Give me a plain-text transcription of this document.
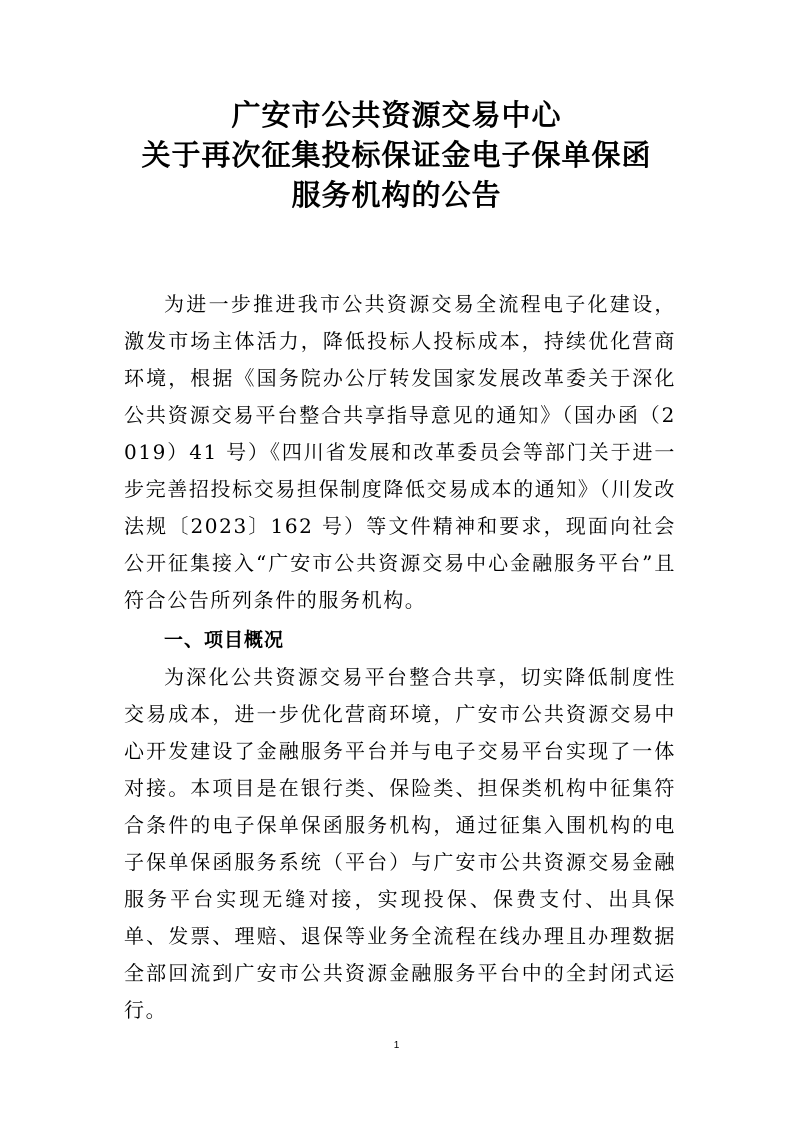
广安市公共资源交易中心
关于再次征集投标保证金电子保单保函
服务机构的公告

为进一步推进我市公共资源交易全流程电子化建设，激发市场主体活力，降低投标人投标成本，持续优化营商环境，根据《国务院办公厅转发国家发展改革委关于深化公共资源交易平台整合共享指导意见的通知》（国办函（2019）41 号）《四川省发展和改革委员会等部门关于进一步完善招投标交易担保制度降低交易成本的通知》（川发改法规〔2023〕162 号）等文件精神和要求，现面向社会公开征集接入“广安市公共资源交易中心金融服务平台”且符合公告所列条件的服务机构。

一、项目概况

为深化公共资源交易平台整合共享，切实降低制度性交易成本，进一步优化营商环境，广安市公共资源交易中心开发建设了金融服务平台并与电子交易平台实现了一体对接。本项目是在银行类、保险类、担保类机构中征集符合条件的电子保单保函服务机构，通过征集入围机构的电子保单保函服务系统（平台）与广安市公共资源交易金融服务平台实现无缝对接，实现投保、保费支付、出具保单、发票、理赔、退保等业务全流程在线办理且办理数据全部回流到广安市公共资源金融服务平台中的全封闭式运行。

1
